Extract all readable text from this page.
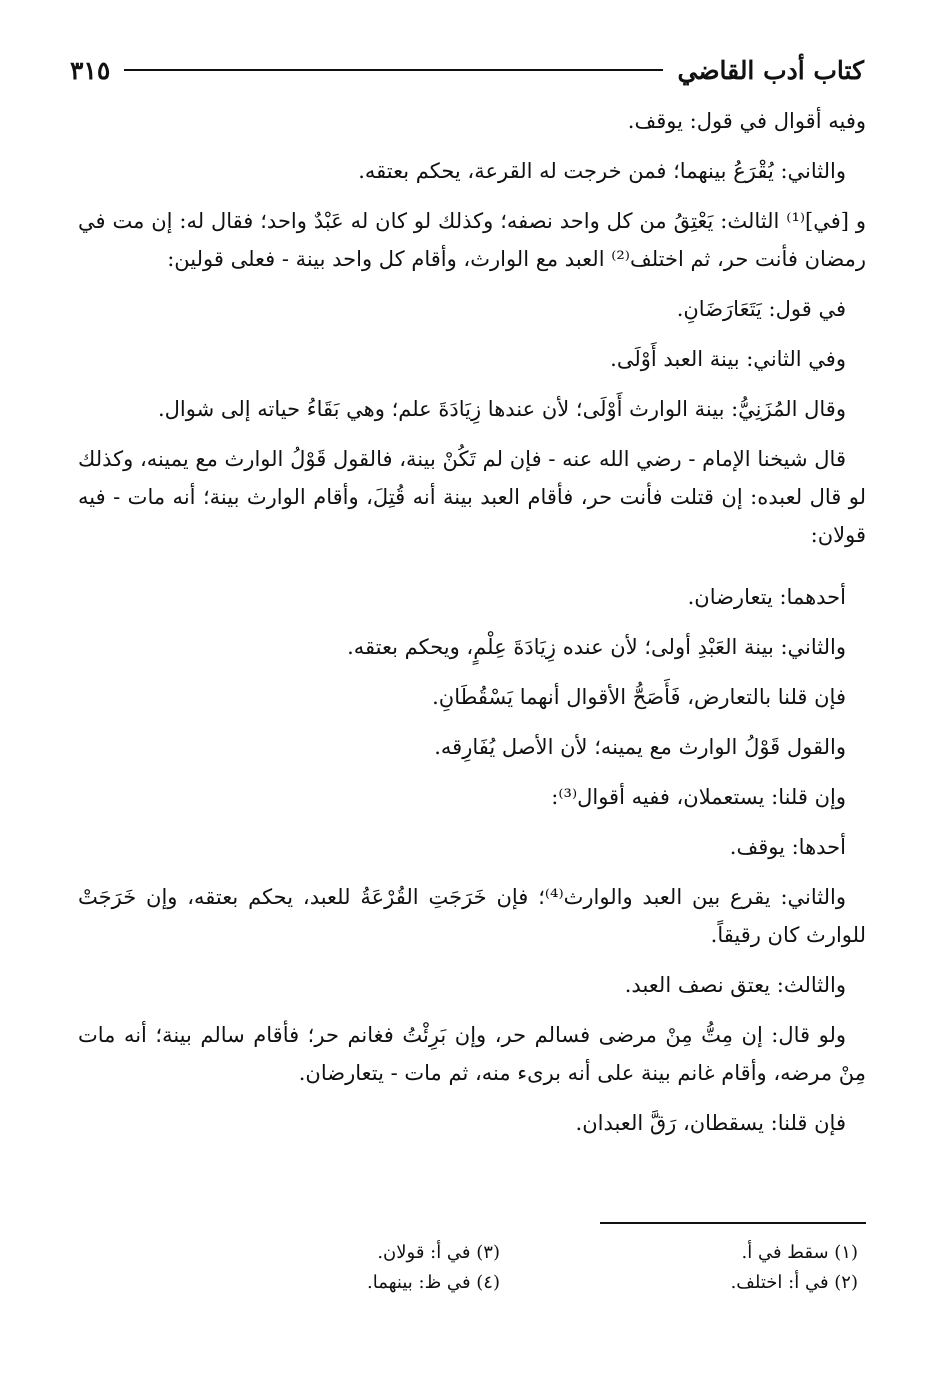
كتاب أدب القاضي
٣١٥

وفيه أقوال في قول: يوقف.

والثاني: يُقْرَعُ بينهما؛ فمن خرجت له القرعة، يحكم بعتقه.

و [في]⁽¹⁾ الثالث: يَعْتِقُ من كل واحد نصفه؛ وكذلك لو كان له عَبْدٌ واحد؛ فقال له: إن مت في رمضان فأنت حر، ثم اختلف⁽²⁾ العبد مع الوارث، وأقام كل واحد بينة - فعلى قولين:

في قول: يَتَعَارَضَانِ.

وفي الثاني: بينة العبد أَوْلَى.

وقال المُزَنِيُّ: بينة الوارث أَوْلَى؛ لأن عندها زِيَادَةَ علم؛ وهي بَقَاءُ حياته إلى شوال.

قال شيخنا الإمام - رضي الله عنه - فإن لم تَكُنْ بينة، فالقول قَوْلُ الوارث مع يمينه، وكذلك لو قال لعبده: إن قتلت فأنت حر، فأقام العبد بينة أنه قُتِلَ، وأقام الوارث بينة؛ أنه مات - فيه قولان:

أحدهما: يتعارضان.

والثاني: بينة العَبْدِ أولى؛ لأن عنده زِيَادَةَ عِلْمٍ، ويحكم بعتقه.

فإن قلنا بالتعارض، فَأَصَحُّ الأقوال أنهما يَسْقُطَانِ.

والقول قَوْلُ الوارث مع يمينه؛ لأن الأصل يُفَارِقه.

وإن قلنا: يستعملان، ففيه أقوال⁽³⁾:

أحدها: يوقف.

والثاني: يقرع بين العبد والوارث⁽⁴⁾؛ فإن خَرَجَتِ القُرْعَةُ للعبد، يحكم بعتقه، وإن خَرَجَتْ للوارث كان رقيقاً.

والثالث: يعتق نصف العبد.

ولو قال: إن مِتُّ مِنْ مرضى فسالم حر، وإن بَرِئْتُ فغانم حر؛ فأقام سالم بينة؛ أنه مات مِنْ مرضه، وأقام غانم بينة على أنه برىء منه، ثم مات - يتعارضان.

فإن قلنا: يسقطان، رَقَّ العبدان.

(١) سقط في أ.
(٢) في أ: اختلف.
(٣) في أ: قولان.
(٤) في ظ: بينهما.
